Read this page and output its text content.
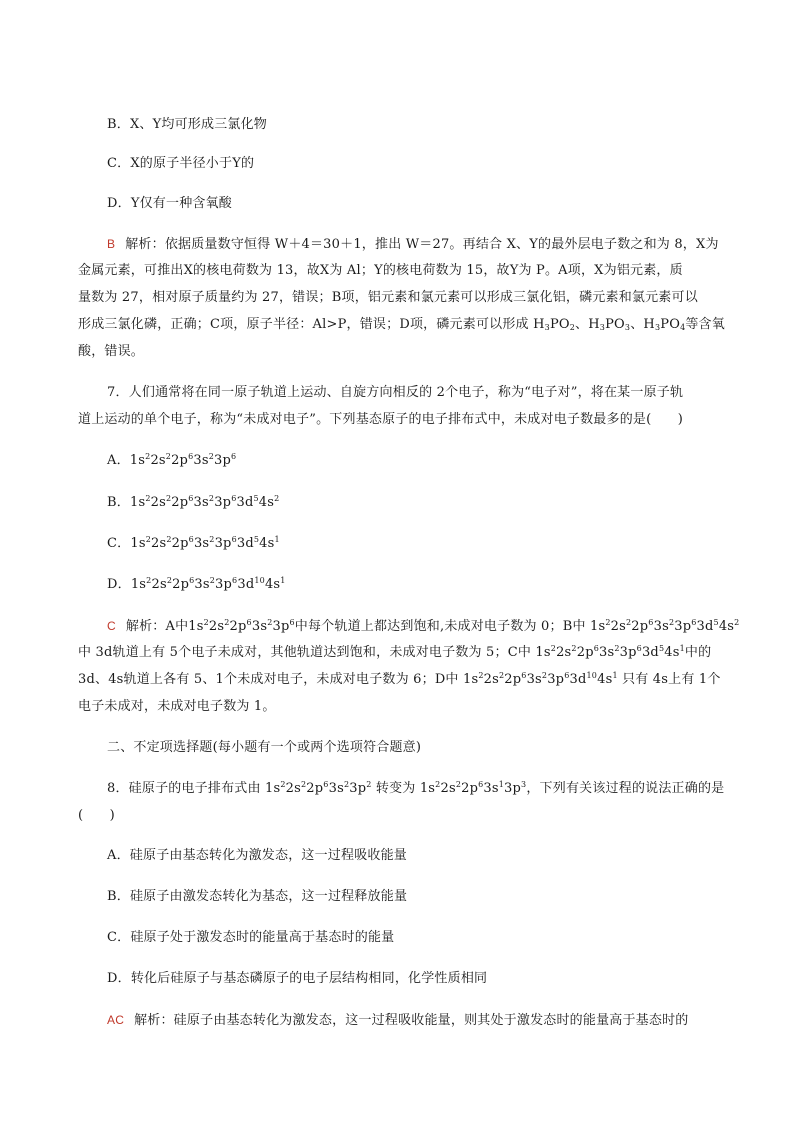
B．X、Y均可形成三氯化物
C．X的原子半径小于Y的
D．Y仅有一种含氧酸
B 解析：依据质量数守恒得 W＋4＝30＋1，推出 W＝27。再结合 X、Y的最外层电子数之和为 8，X为
金属元素，可推出X的核电荷数为 13，故X为 Al；Y的核电荷数为 15，故Y为 P。A项，X为铝元素，质
量数为 27，相对原子质量约为 27，错误；B项，铝元素和氯元素可以形成三氯化铝，磷元素和氯元素可以
形成三氯化磷，正确；C项，原子半径：Al>P，错误；D项，磷元素可以形成 $H_3PO_2$、$H_3PO_3$、$H_3PO_4$等含氧
酸，错误。
7．人们通常将在同一原子轨道上运动、自旋方向相反的 2个电子，称为“电子对”，将在某一原子轨
道上运动的单个电子，称为“未成对电子”。下列基态原子的电子排布式中，未成对电子数最多的是(　　)
A．$1s^22s^22p^63s^23p^6$
B．$1s^22s^22p^63s^23p^63d^54s^2$
C．$1s^22s^22p^63s^23p^63d^54s^1$
D．$1s^22s^22p^63s^23p^63d^{10}4s^1$
C 解析：A中$1s^22s^22p^63s^23p^6$中每个轨道上都达到饱和,未成对电子数为 0；B中 $1s^22s^22p^63s^23p^63d^54s^2$
中 3d轨道上有 5个电子未成对，其他轨道达到饱和，未成对电子数为 5；C中 $1s^22s^22p^63s^23p^63d^54s^1$中的
3d、4s轨道上各有 5、1个未成对电子，未成对电子数为 6；D中 $1s^22s^22p^63s^23p^63d^{10}4s^1$ 只有 4s上有 1个
电子未成对，未成对电子数为 1。
二、不定项选择题(每小题有一个或两个选项符合题意)
8．硅原子的电子排布式由 $1s^22s^22p^63s^23p^2$ 转变为 $1s^22s^22p^63s^13p^3$，下列有关该过程的说法正确的是
(　　)
A．硅原子由基态转化为激发态，这一过程吸收能量
B．硅原子由激发态转化为基态，这一过程释放能量
C．硅原子处于激发态时的能量高于基态时的能量
D．转化后硅原子与基态磷原子的电子层结构相同，化学性质相同
AC 解析：硅原子由基态转化为激发态，这一过程吸收能量，则其处于激发态时的能量高于基态时的
